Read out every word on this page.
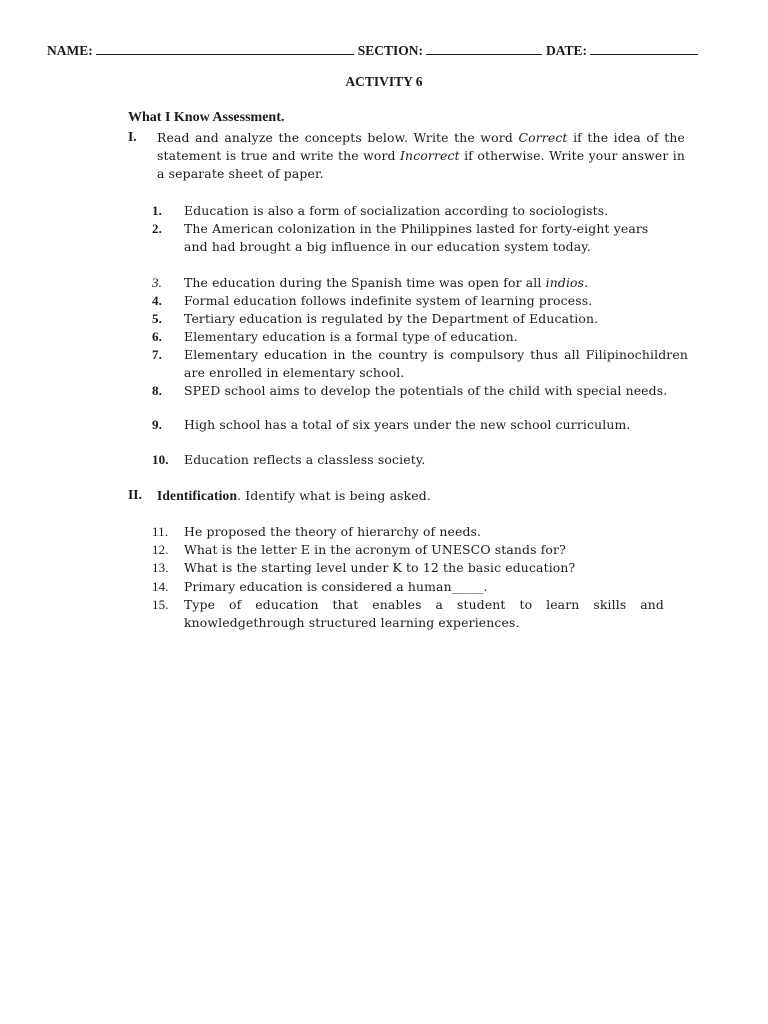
NAME:	SECTION:	DATE:
ACTIVITY 6
What I Know Assessment.
I. Read and analyze the concepts below. Write the word Correct if the idea of the statement is true and write the word Incorrect if otherwise. Write your answer in a separate sheet of paper.
1.	Education is also a form of socialization according to sociologists.
2.	The American colonization in the Philippines lasted for forty-eight years and had brought a big influence in our education system today.
3.	The education during the Spanish time was open for all indios.
4.	Formal education follows indefinite system of learning process.
5.	Tertiary education is regulated by the Department of Education.
6.	Elementary education is a formal type of education.
7.	Elementary education in the country is compulsory thus all Filipinochildren are enrolled in elementary school.
8.	SPED school aims to develop the potentials of the child with special needs.
9.	High school has a total of six years under the new school curriculum.
10.	Education reflects a classless society.
II. Identification. Identify what is being asked.
11.	He proposed the theory of hierarchy of needs.
12.	What is the letter E in the acronym of UNESCO stands for?
13.	What is the starting level under K to 12 the basic education?
14.	Primary education is considered a human_____.
15.	Type of education that enables a student to learn skills and knowledgethrough structured learning experiences.
